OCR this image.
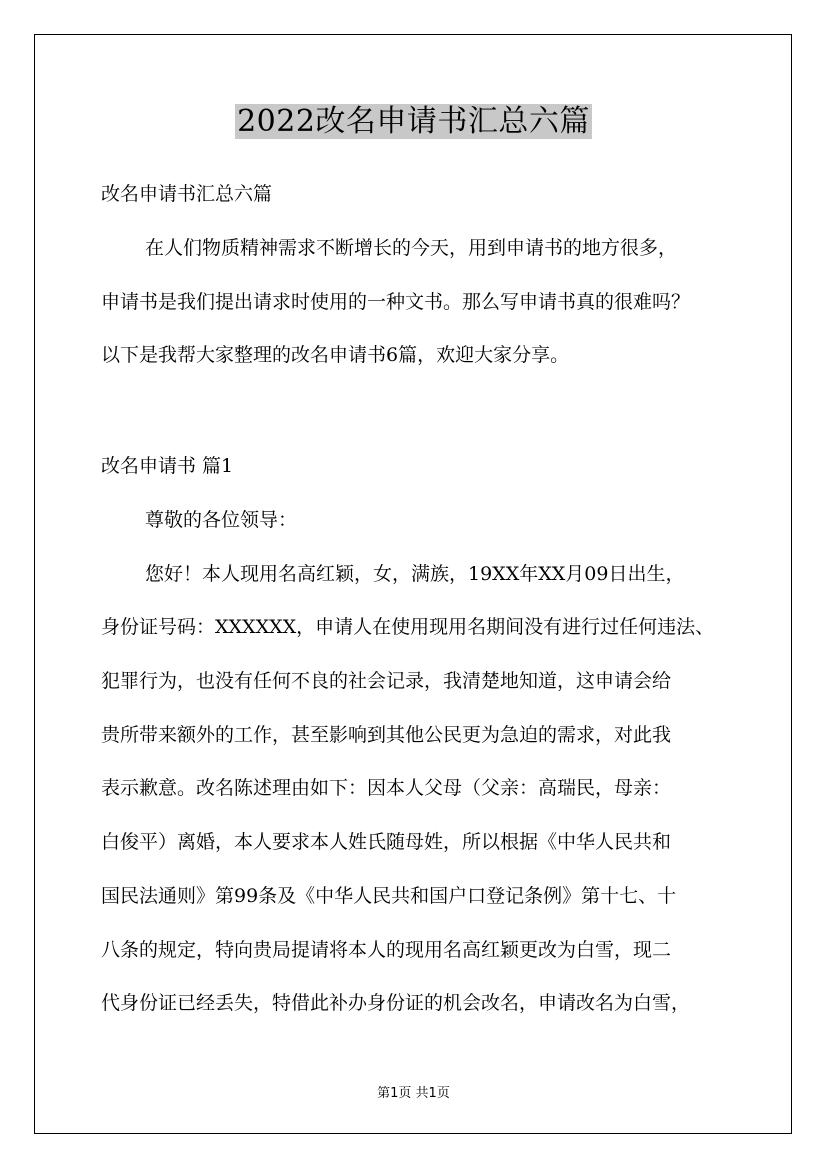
2022改名申请书汇总六篇
改名申请书汇总六篇
在人们物质精神需求不断增长的今天，用到申请书的地方很多，
申请书是我们提出请求时使用的一种文书。那么写申请书真的很难吗？
以下是我帮大家整理的改名申请书6篇，欢迎大家分享。
改名申请书 篇1
尊敬的各位领导：
您好！本人现用名高红颖，女，满族，19XX年XX月09日出生，
身份证号码：XXXXXX，申请人在使用现用名期间没有进行过任何违法、
犯罪行为，也没有任何不良的社会记录，我清楚地知道，这申请会给
贵所带来额外的工作，甚至影响到其他公民更为急迫的需求，对此我
表示歉意。改名陈述理由如下：因本人父母（父亲：高瑞民，母亲：
白俊平）离婚，本人要求本人姓氏随母姓，所以根据《中华人民共和
国民法通则》第99条及《中华人民共和国户口登记条例》第十七、十
八条的规定，特向贵局提请将本人的现用名高红颖更改为白雪，现二
代身份证已经丢失，特借此补办身份证的机会改名，申请改名为白雪，
第1页 共1页
